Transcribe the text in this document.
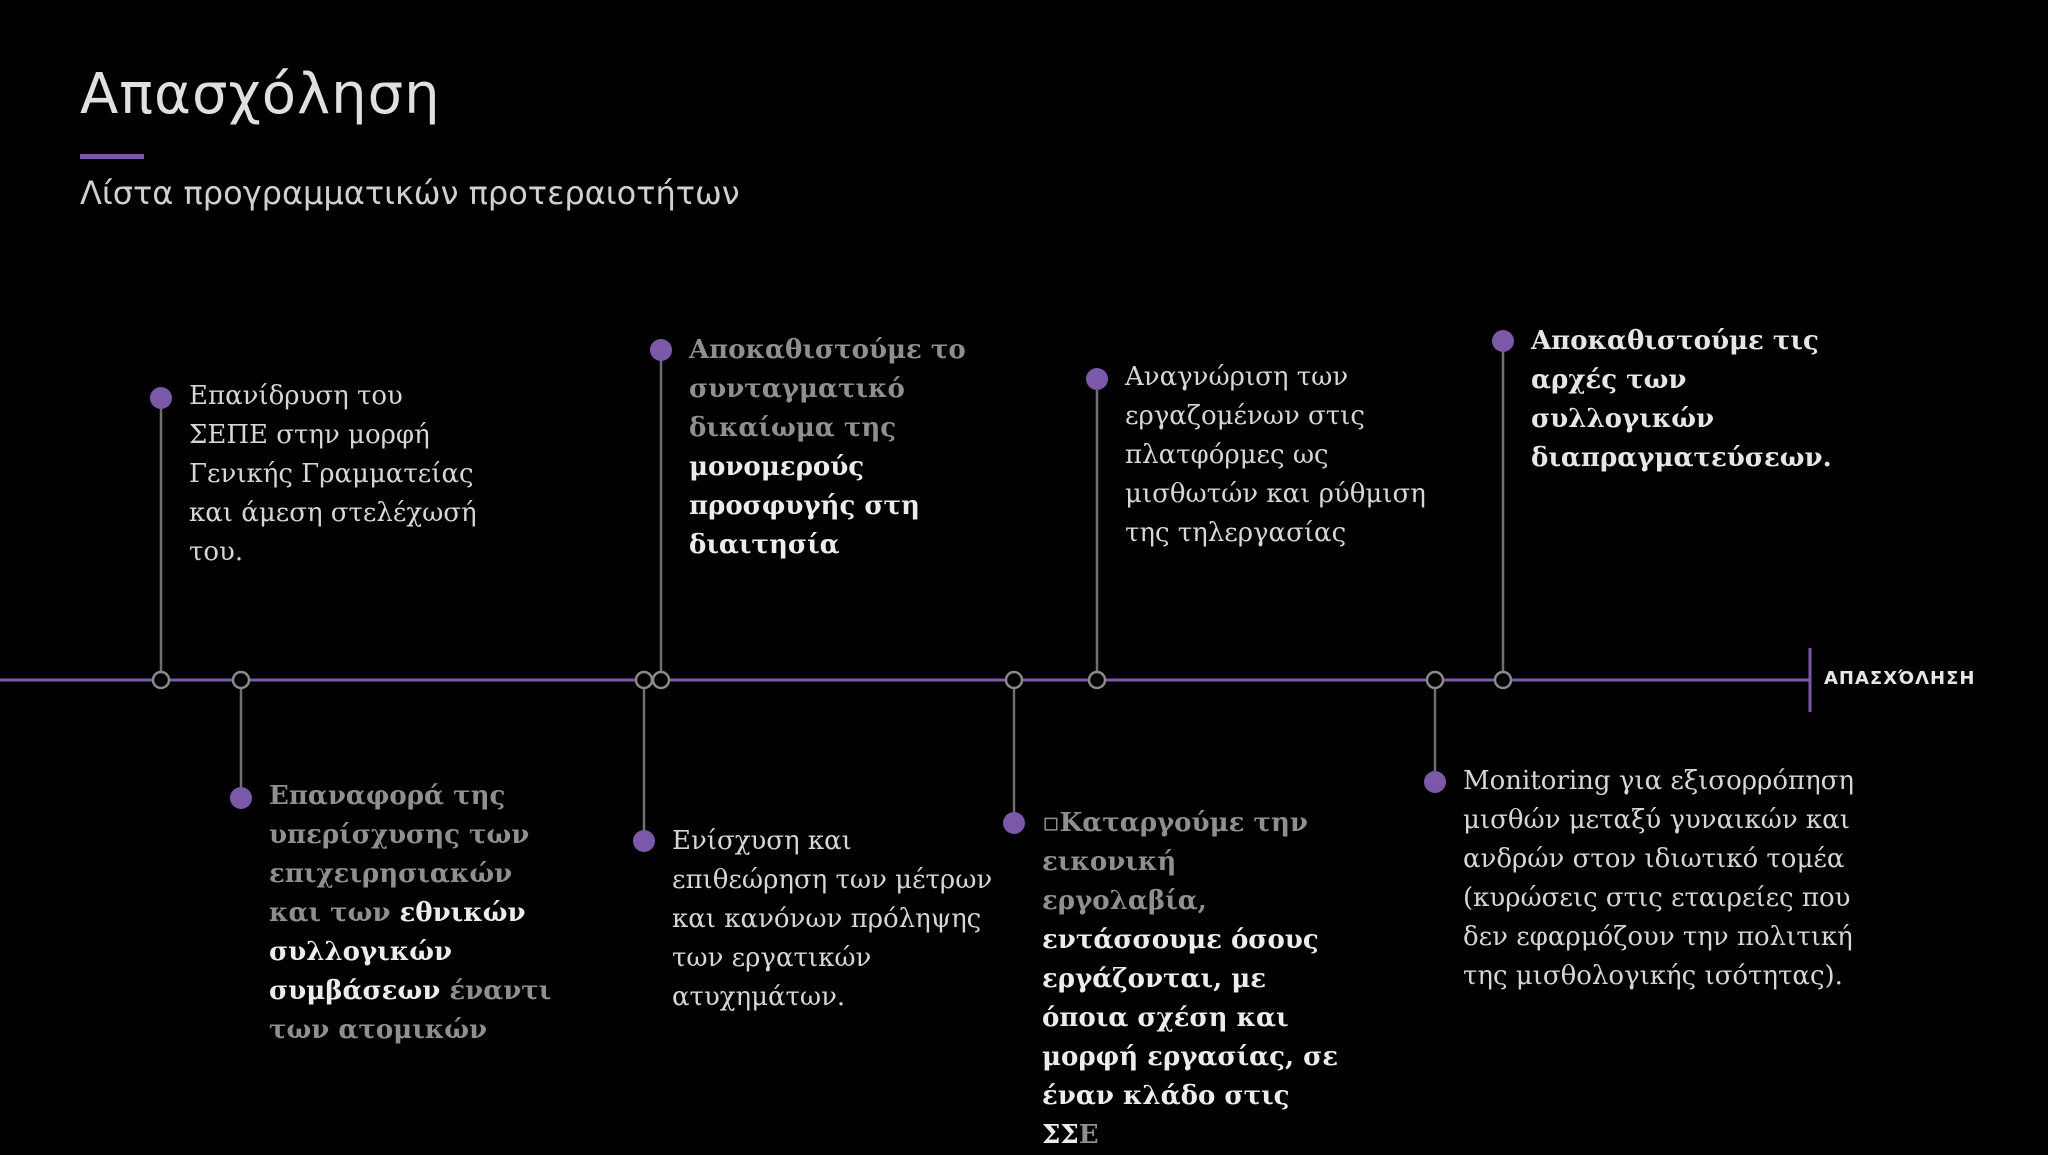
Απασχόληση
Λίστα προγραμματικών προτεραιοτήτων
ΑΠΑΣΧΌΛΗΣΗ

Επανίδρυση του ΣΕΠΕ στην μορφή Γενικής Γραμματείας και άμεση στελέχωσή του.

Επαναφορά της υπερίσχυσης των επιχειρησιακών και των εθνικών συλλογικών συμβάσεων έναντι των ατομικών

Αποκαθιστούμε το συνταγματικό δικαίωμα της μονομερούς προσφυγής στη διαιτησία

Ενίσχυση και επιθεώρηση των μέτρων και κανόνων πρόληψης των εργατικών ατυχημάτων.

▫Καταργούμε την εικονική εργολαβία, εντάσσουμε όσους εργάζονται, με όποια σχέση και μορφή εργασίας, σε έναν κλάδο στις ΣΣΕ

Αναγνώριση των εργαζομένων στις πλατφόρμες ως μισθωτών και ρύθμιση της τηλεργασίας

Monitoring για εξισορρόπηση μισθών μεταξύ γυναικών και ανδρών στον ιδιωτικό τομέα (κυρώσεις στις εταιρείες που δεν εφαρμόζουν την πολιτική της μισθολογικής ισότητας).

Αποκαθιστούμε τις αρχές των συλλογικών διαπραγματεύσεων.
